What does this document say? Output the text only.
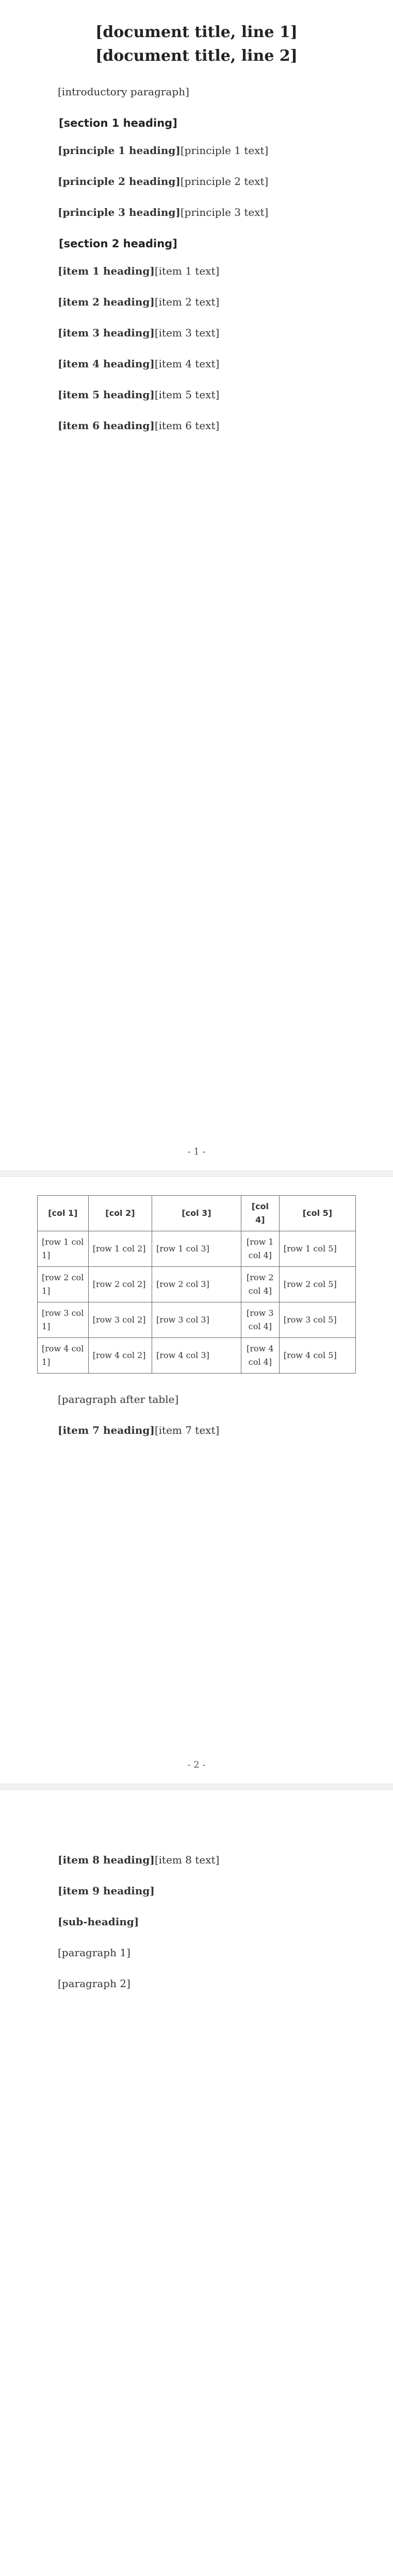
[document title, line 1]
[document title, line 2]

[introductory paragraph]

[section 1 heading]
[principle 1 heading][principle 1 text]
[principle 2 heading][principle 2 text]
[principle 3 heading][principle 3 text]
[section 2 heading]
[item 1 heading][item 1 text]
[item 2 heading][item 2 text]
[item 3 heading][item 3 text]
[item 4 heading][item 4 text]
[item 5 heading][item 5 text]
[item 6 heading][item 6 text]
- 1 -
[col 1]	[col 2]	[col 3]	[col 4]	[col 5]
[row 1 col 1]	[row 1 col 2]	[row 1 col 3]	[row 1 col 4]	[row 1 col 5]
[row 2 col 1]	[row 2 col 2]	[row 2 col 3]	[row 2 col 4]	[row 2 col 5]
[row 3 col 1]	[row 3 col 2]	[row 3 col 3]	[row 3 col 4]	[row 3 col 5]
[row 4 col 1]	[row 4 col 2]	[row 4 col 3]	[row 4 col 4]	[row 4 col 5]

[paragraph after table]

[item 7 heading][item 7 text]
- 2 -
[item 8 heading][item 8 text]
[item 9 heading]
[sub-heading]

[paragraph 1]

[paragraph 2]
